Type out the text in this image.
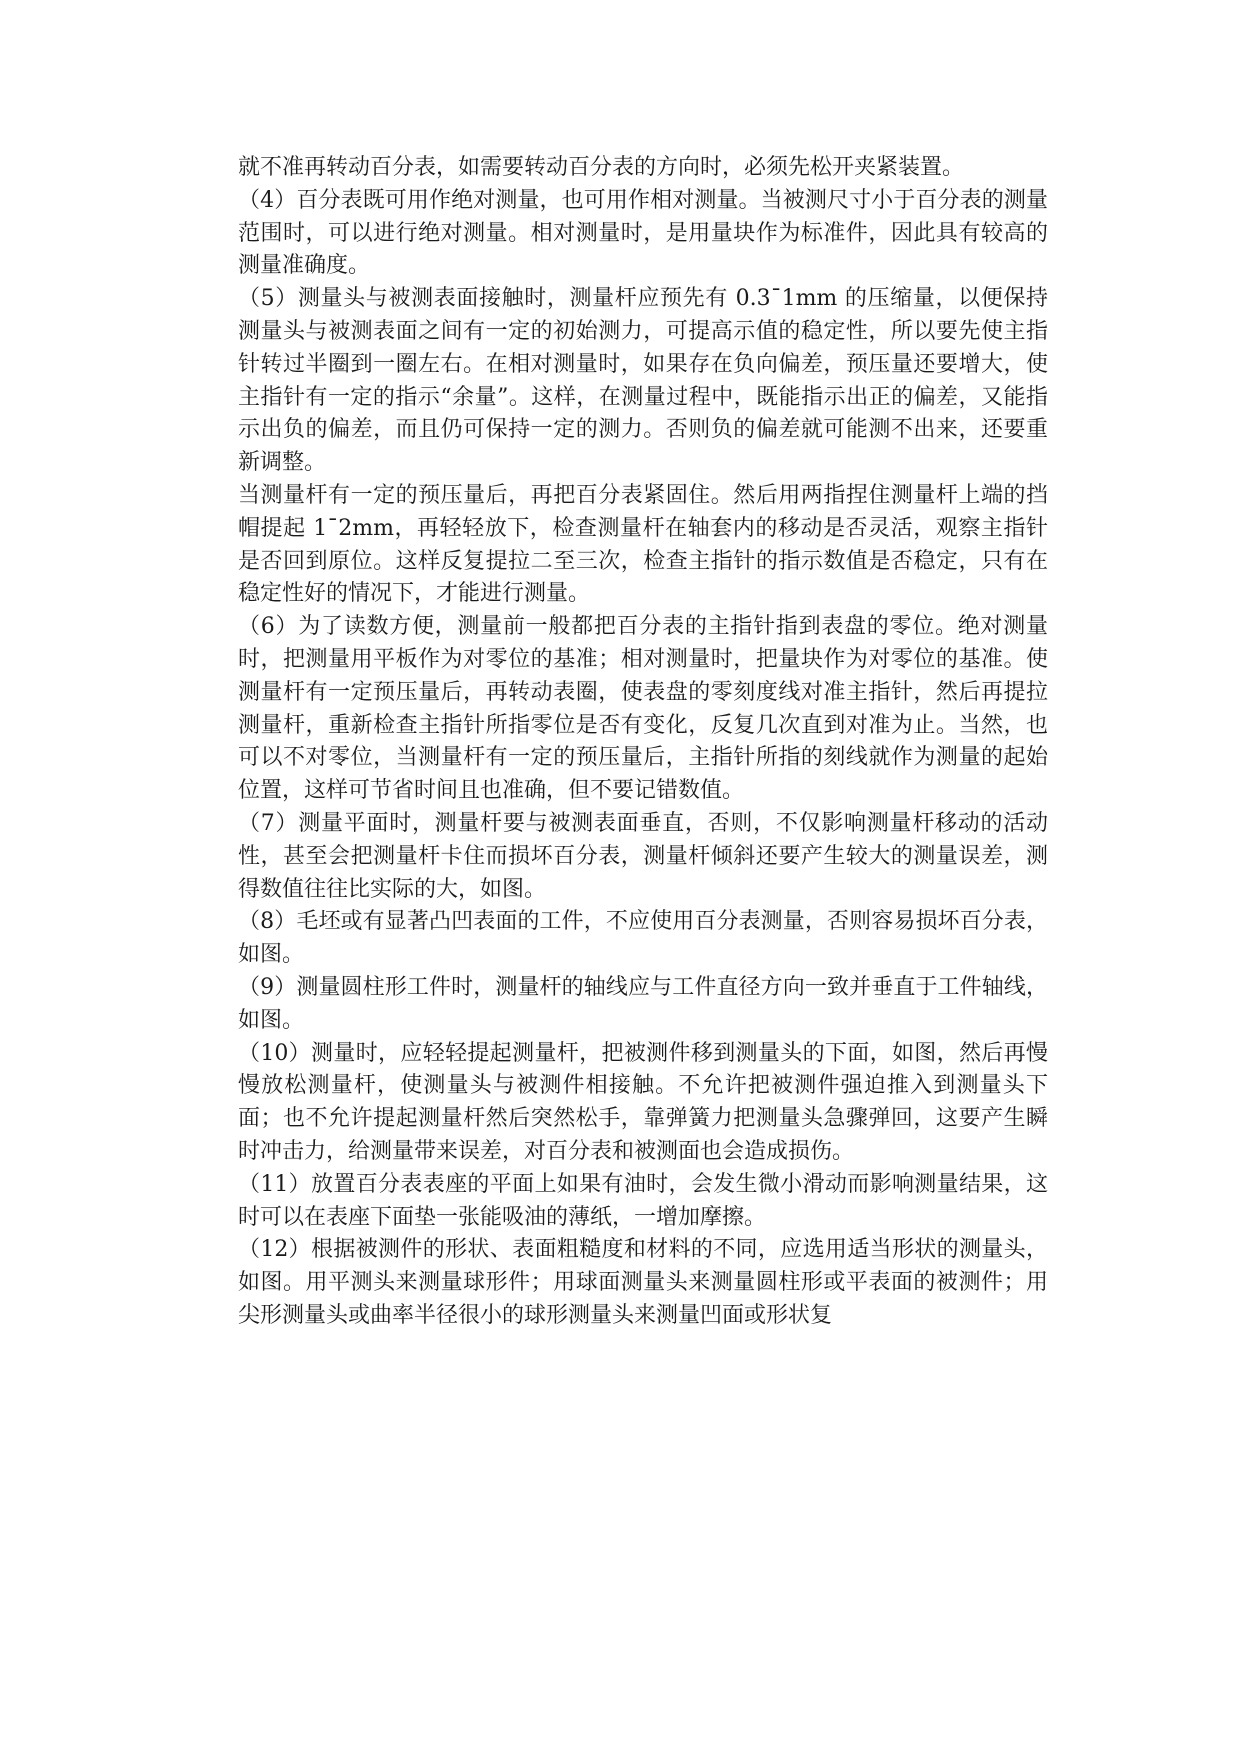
就不准再转动百分表，如需要转动百分表的方向时，必须先松开夹紧装置。

（4）百分表既可用作绝对测量，也可用作相对测量。当被测尺寸小于百分表的测量范围时，可以进行绝对测量。相对测量时，是用量块作为标准件，因此具有较高的测量准确度。

（5）测量头与被测表面接触时，测量杆应预先有 0.3¯1mm 的压缩量，以便保持测量头与被测表面之间有一定的初始测力，可提高示值的稳定性，所以要先使主指针转过半圈到一圈左右。在相对测量时，如果存在负向偏差，预压量还要增大，使主指针有一定的指示“余量”。这样，在测量过程中，既能指示出正的偏差，又能指示出负的偏差，而且仍可保持一定的测力。否则负的偏差就可能测不出来，还要重新调整。

当测量杆有一定的预压量后，再把百分表紧固住。然后用两指捏住测量杆上端的挡帽提起 1¯2mm，再轻轻放下，检查测量杆在轴套内的移动是否灵活，观察主指针是否回到原位。这样反复提拉二至三次，检查主指针的指示数值是否稳定，只有在稳定性好的情况下，才能进行测量。

（6）为了读数方便，测量前一般都把百分表的主指针指到表盘的零位。绝对测量时，把测量用平板作为对零位的基准；相对测量时，把量块作为对零位的基准。使测量杆有一定预压量后，再转动表圈，使表盘的零刻度线对准主指针，然后再提拉测量杆，重新检查主指针所指零位是否有变化，反复几次直到对准为止。当然，也可以不对零位，当测量杆有一定的预压量后，主指针所指的刻线就作为测量的起始位置，这样可节省时间且也准确，但不要记错数值。

（7）测量平面时，测量杆要与被测表面垂直，否则，不仅影响测量杆移动的活动性，甚至会把测量杆卡住而损坏百分表，测量杆倾斜还要产生较大的测量误差，测得数值往往比实际的大，如图。

（8）毛坯或有显著凸凹表面的工件，不应使用百分表测量，否则容易损坏百分表，如图。

（9）测量圆柱形工件时，测量杆的轴线应与工件直径方向一致并垂直于工件轴线，如图。

（10）测量时，应轻轻提起测量杆，把被测件移到测量头的下面，如图，然后再慢慢放松测量杆，使测量头与被测件相接触。不允许把被测件强迫推入到测量头下面；也不允许提起测量杆然后突然松手，靠弹簧力把测量头急骤弹回，这要产生瞬时冲击力，给测量带来误差，对百分表和被测面也会造成损伤。

（11）放置百分表表座的平面上如果有油时，会发生微小滑动而影响测量结果，这时可以在表座下面垫一张能吸油的薄纸，一增加摩擦。

（12）根据被测件的形状、表面粗糙度和材料的不同，应选用适当形状的测量头，如图。用平测头来测量球形件；用球面测量头来测量圆柱形或平表面的被测件；用尖形测量头或曲率半径很小的球形测量头来测量凹面或形状复
